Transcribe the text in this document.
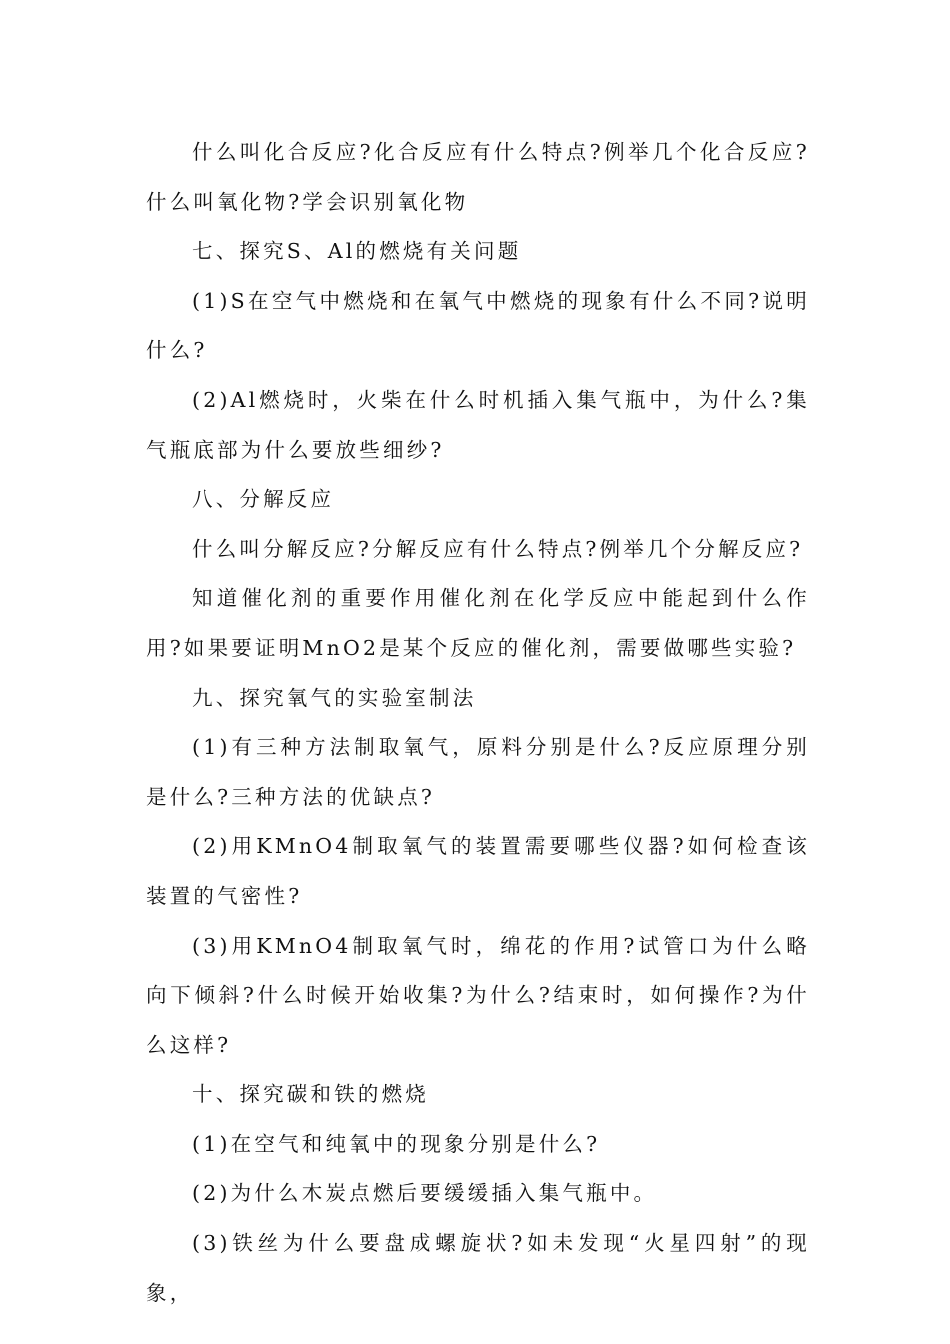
什么叫化合反应?化合反应有什么特点?例举几个化合反应?什么叫氧化物?学会识别氧化物

七、探究S、Al的燃烧有关问题

(1)S在空气中燃烧和在氧气中燃烧的现象有什么不同?说明什么?

(2)Al燃烧时，火柴在什么时机插入集气瓶中，为什么?集气瓶底部为什么要放些细纱?

八、分解反应

什么叫分解反应?分解反应有什么特点?例举几个分解反应?

知道催化剂的重要作用催化剂在化学反应中能起到什么作用?如果要证明MnO2是某个反应的催化剂，需要做哪些实验?

九、探究氧气的实验室制法

(1)有三种方法制取氧气，原料分别是什么?反应原理分别是什么?三种方法的优缺点?

(2)用KMnO4制取氧气的装置需要哪些仪器?如何检查该装置的气密性?

(3)用KMnO4制取氧气时，绵花的作用?试管口为什么略向下倾斜?什么时候开始收集?为什么?结束时，如何操作?为什么这样?

十、探究碳和铁的燃烧

(1)在空气和纯氧中的现象分别是什么?

(2)为什么木炭点燃后要缓缓插入集气瓶中。

(3)铁丝为什么要盘成螺旋状?如未发现“火星四射”的现象，
